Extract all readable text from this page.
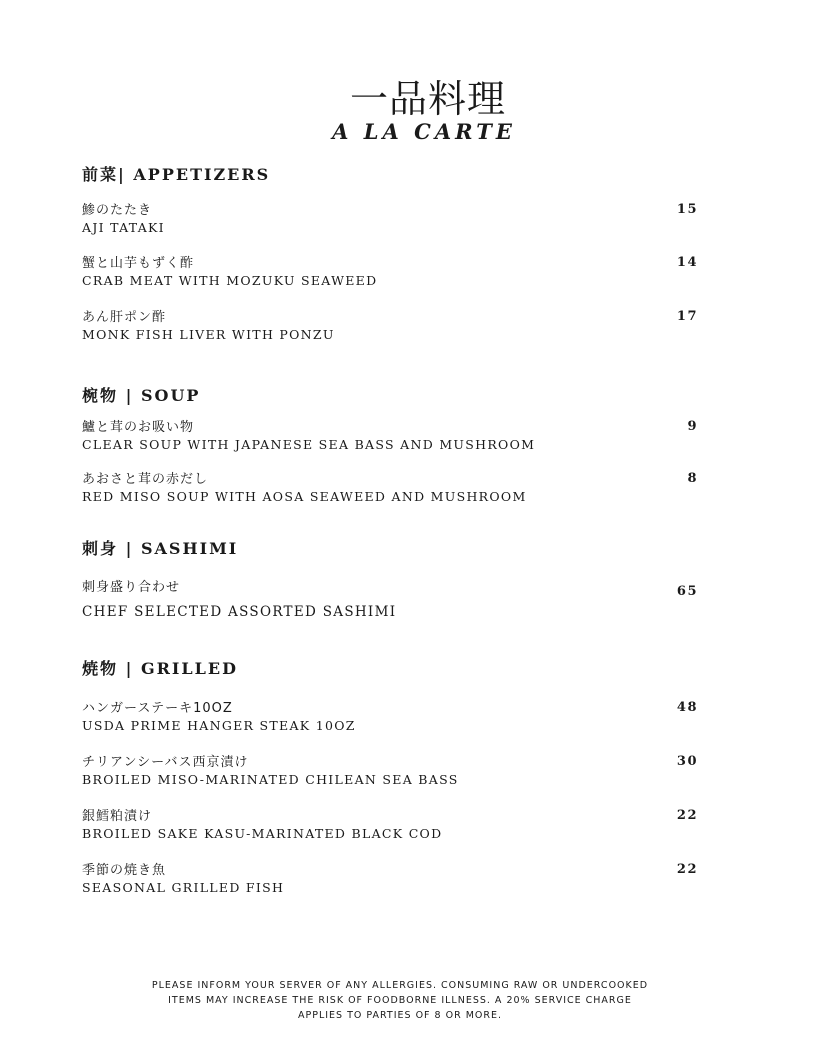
一品料理
A LA CARTE
前菜| APPETIZERS
鯵のたたき
AJI TATAKI
15
蟹と山芋もずく酢
CRAB MEAT WITH MOZUKU SEAWEED
14
あん肝ポン酢
MONK FISH LIVER WITH PONZU
17
椀物 | SOUP
鱸と茸のお吸い物
CLEAR SOUP WITH JAPANESE SEA BASS AND MUSHROOM
9
あおさと茸の赤だし
RED MISO SOUP WITH AOSA SEAWEED AND MUSHROOM
8
刺身 | SASHIMI
刺身盛り合わせ
CHEF SELECTED ASSORTED SASHIMI
65
焼物 | GRILLED
ハンガーステーキ10OZ
USDA PRIME HANGER STEAK 10OZ
48
チリアンシーバス西京漬け
BROILED MISO-MARINATED CHILEAN SEA BASS
30
銀鱈粕漬け
BROILED SAKE KASU-MARINATED BLACK COD
22
季節の焼き魚
SEASONAL GRILLED FISH
22
PLEASE INFORM YOUR SERVER OF ANY ALLERGIES. CONSUMING RAW OR UNDERCOOKED
ITEMS MAY INCREASE THE RISK OF FOODBORNE ILLNESS. A 20% SERVICE CHARGE
APPLIES TO PARTIES OF 8 OR MORE.
